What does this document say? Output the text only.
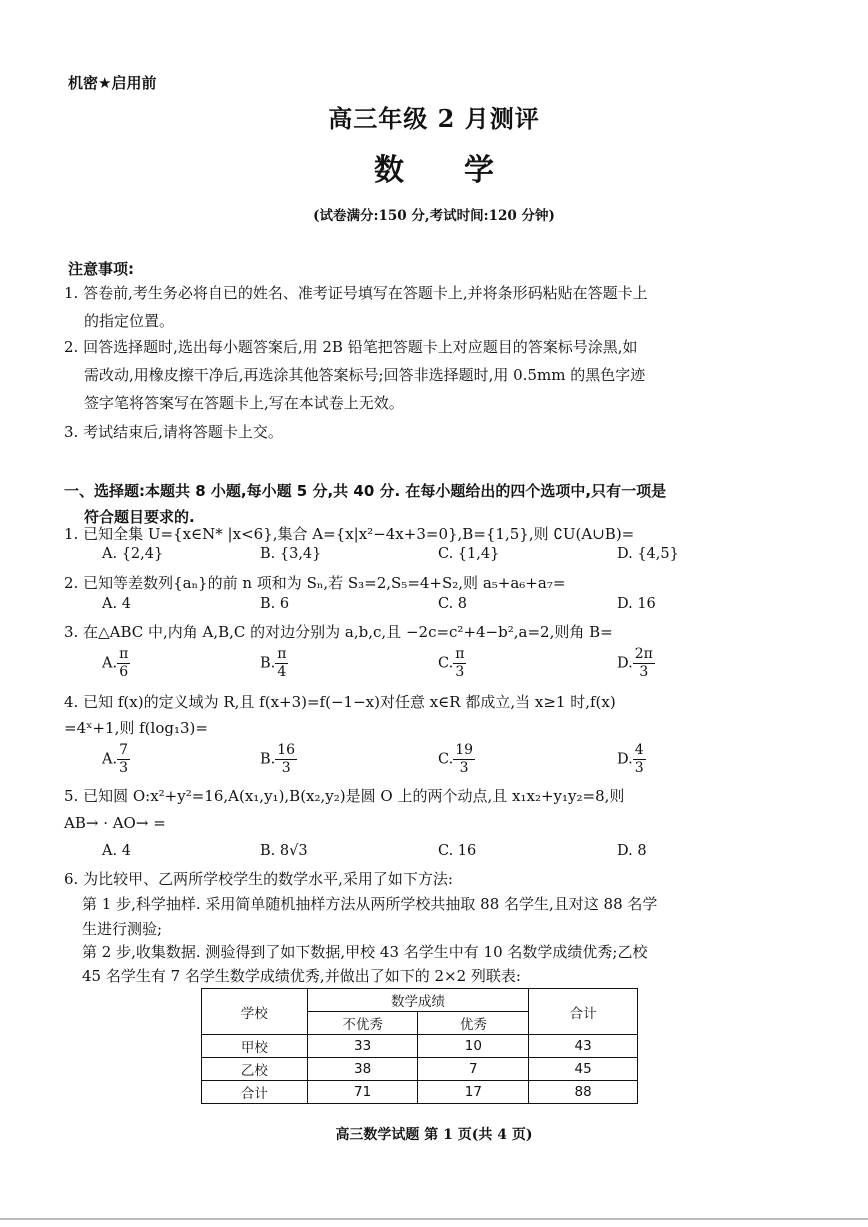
机密★启用前
高三年级 2 月测评
数学
(试卷满分:150 分,考试时间:120 分钟)
注意事项:
1. 答卷前,考生务必将自已的姓名、准考证号填写在答题卡上,并将条形码粘贴在答题卡上
的指定位置。
2. 回答选择题时,选出每小题答案后,用 2B 铅笔把答题卡上对应题目的答案标号涂黑,如
需改动,用橡皮擦干净后,再选涂其他答案标号;回答非选择题时,用 0.5mm 的黑色字迹
签字笔将答案写在答题卡上,写在本试卷上无效。
3. 考试结束后,请将答题卡上交。
一、选择题:本题共 8 小题,每小题 5 分,共 40 分. 在每小题给出的四个选项中,只有一项是
符合题目要求的.
1. 已知全集 U={x∈N* |x<6},集合 A={x|x²−4x+3=0},B={1,5},则 ∁U(A∪B)=
A. {2,4}	B. {3,4}	C. {1,4}	D. {4,5}
2. 已知等差数列{aₙ}的前 n 项和为 Sₙ,若 S₃=2,S₅=4+S₂,则 a₅+a₆+a₇=
A. 4	B. 6	C. 8	D. 16
3. 在△ABC 中,内角 A,B,C 的对边分别为 a,b,c,且 −2c=c²+4−b²,a=2,则角 B=
A. $\frac{\pi}{6}$	B. $\frac{\pi}{4}$	C. $\frac{\pi}{3}$	D. $\frac{2\pi}{3}$
4. 已知 f(x)的定义域为 R,且 f(x+3)=f(−1−x)对任意 x∈R 都成立,当 x≥1 时,f(x)
=4ˣ+1,则 f(log₁3)=
A. $\frac{7}{3}$	B. $\frac{16}{3}$	C. $\frac{19}{3}$	D. $\frac{4}{3}$
5. 已知圆 O:x²+y²=16,A(x₁,y₁),B(x₂,y₂)是圆 O 上的两个动点,且 x₁x₂+y₁y₂=8,则
AB→ · AO→ =
A. 4	B. 8√3	C. 16	D. 8
6. 为比较甲、乙两所学校学生的数学水平,采用了如下方法:
第 1 步,科学抽样. 采用简单随机抽样方法从两所学校共抽取 88 名学生,且对这 88 名学
生进行测验;
第 2 步,收集数据. 测验得到了如下数据,甲校 43 名学生中有 10 名数学成绩优秀;乙校
45 名学生有 7 名学生数学成绩优秀,并做出了如下的 2×2 列联表:
学校	数学成绩		合计
	不优秀	优秀	
甲校	33	10	43
乙校	38	7	45
合计	71	17	88
高三数学试题 第 1 页(共 4 页)
